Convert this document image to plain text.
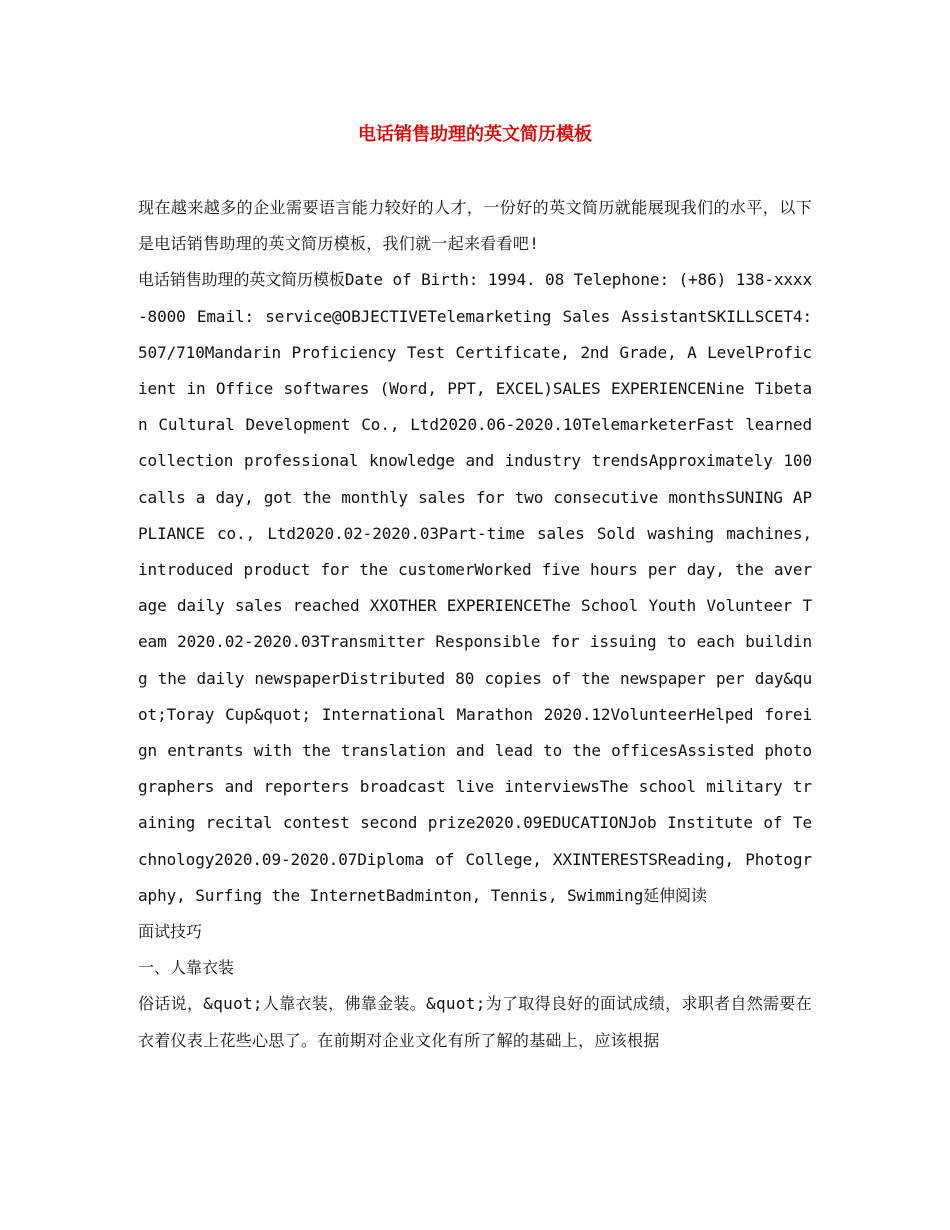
电话销售助理的英文简历模板

现在越来越多的企业需要语言能力较好的人才，一份好的英文简历就能展现我们的水平，以下是电话销售助理的英文简历模板，我们就一起来看看吧!

电话销售助理的英文简历模板Date of Birth: 1994. 08 Telephone: (+86) 138-xxxx-8000 Email: service@OBJECTIVETelemarketing Sales AssistantSKILLSCET4: 507/710Mandarin Proficiency Test Certificate, 2nd Grade, A LevelProficient in Office softwares (Word, PPT, EXCEL)SALES EXPERIENCENine Tibetan Cultural Development Co., Ltd2020.06-2020.10TelemarketerFast learned collection professional knowledge and industry trendsApproximately 100 calls a day, got the monthly sales for two consecutive monthsSUNING APPLIANCE co., Ltd2020.02-2020.03Part-time sales Sold washing machines, introduced product for the customerWorked five hours per day, the average daily sales reached XXOTHER EXPERIENCEThe School Youth Volunteer Team 2020.02-2020.03Transmitter Responsible for issuing to each building the daily newspaperDistributed 80 copies of the newspaper per day&quot;Toray Cup&quot; International Marathon 2020.12VolunteerHelped foreign entrants with the translation and lead to the officesAssisted photographers and reporters broadcast live interviewsThe school military training recital contest second prize2020.09EDUCATIONJob Institute of Technology2020.09-2020.07Diploma of College, XXINTERESTSReading, Photography, Surfing the InternetBadminton, Tennis, Swimming延伸阅读

面试技巧

一、人靠衣装

俗话说，&quot;人靠衣装，佛靠金装。&quot;为了取得良好的面试成绩，求职者自然需要在衣着仪表上花些心思了。在前期对企业文化有所了解的基础上，应该根据
